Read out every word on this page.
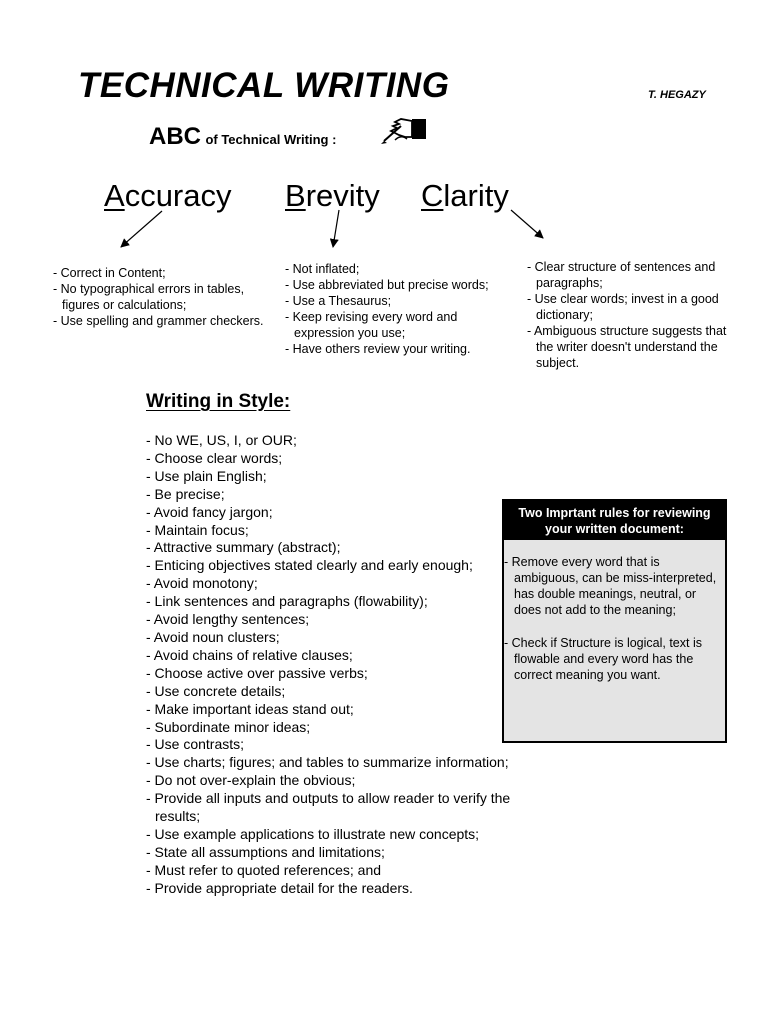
TECHNICAL WRITING	T. HEGAZY
ABC of Technical Writing :
Accuracy Brevity Clarity
- Correct in Content;
- No typographical errors in tables, figures or calculations;
- Use spelling and grammer checkers.
- Not inflated;
- Use abbreviated but precise words;
- Use a Thesaurus;
- Keep revising every word and expression you use;
- Have others review your writing.
- Clear structure of sentences and paragraphs;
- Use clear words; invest in a good dictionary;
- Ambiguous structure suggests that the writer doesn't understand the subject.
Writing in Style:
- No WE, US, I, or OUR;
- Choose clear words;
- Use plain English;
- Be precise;
- Avoid fancy jargon;
- Maintain focus;
- Attractive summary (abstract);
- Enticing objectives stated clearly and early enough;
- Avoid monotony;
- Link sentences and paragraphs (flowability);
- Avoid lengthy sentences;
- Avoid noun clusters;
- Avoid chains of relative clauses;
- Choose active over passive verbs;
- Use concrete details;
- Make important ideas stand out;
- Subordinate minor ideas;
- Use contrasts;
- Use charts; figures; and tables to summarize information;
- Do not over-explain the obvious;
- Provide all inputs and outputs to allow reader to verify the results;
- Use example applications to illustrate new concepts;
- State all assumptions and limitations;
- Must refer to quoted references; and
- Provide appropriate detail for the readers.
Two Imprtant rules for reviewing your written document:
- Remove every word that is ambiguous, can be miss-interpreted, has double meanings, neutral, or does not add to the meaning;
- Check if Structure is logical, text is flowable and every word has the correct meaning you want.
